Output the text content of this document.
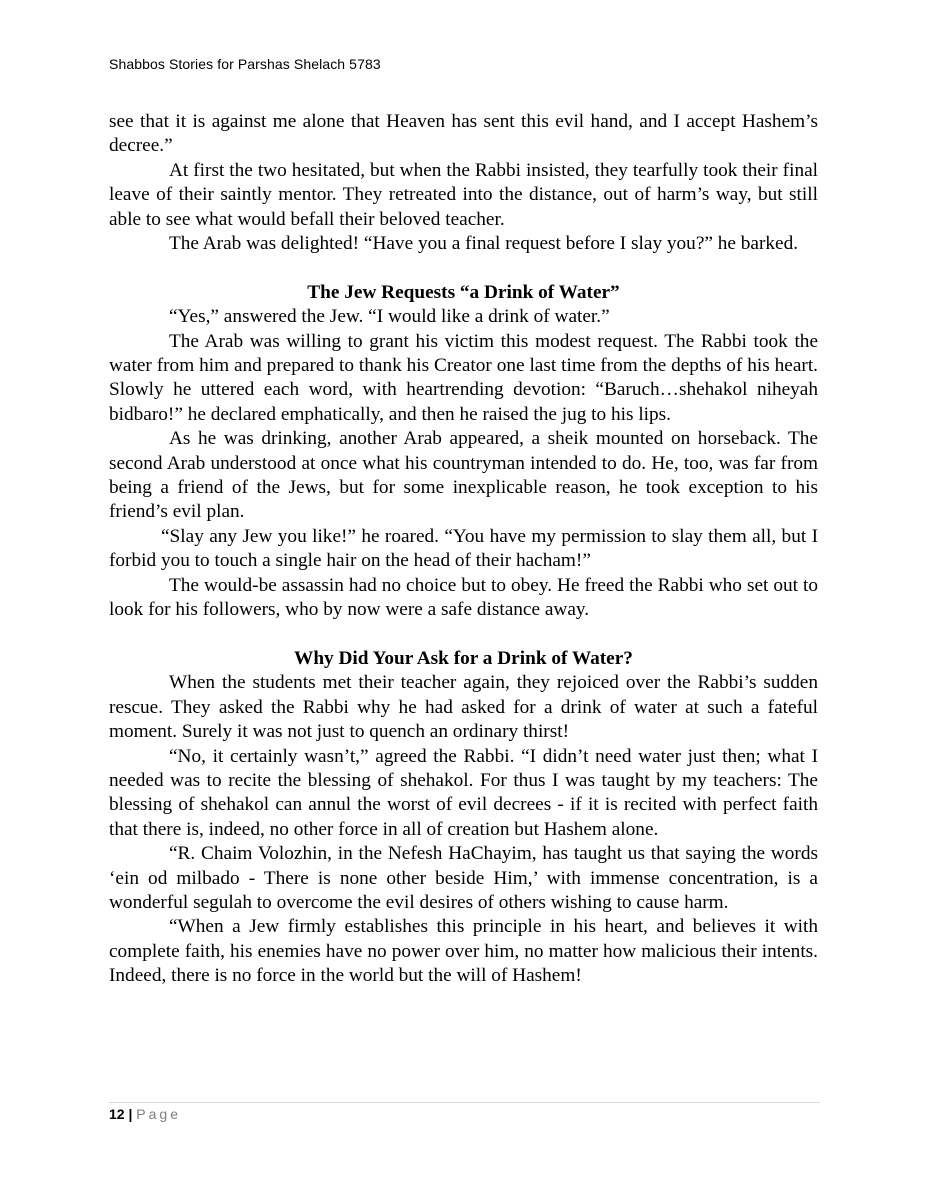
Shabbos Stories for Parshas Shelach 5783

see that it is against me alone that Heaven has sent this evil hand, and I accept Hashem’s decree.”

At first the two hesitated, but when the Rabbi insisted, they tearfully took their final leave of their saintly mentor. They retreated into the distance, out of harm’s way, but still able to see what would befall their beloved teacher.

The Arab was delighted! “Have you a final request before I slay you?” he barked.

The Jew Requests “a Drink of Water”

“Yes,” answered the Jew. “I would like a drink of water.”

The Arab was willing to grant his victim this modest request. The Rabbi took the water from him and prepared to thank his Creator one last time from the depths of his heart. Slowly he uttered each word, with heartrending devotion: “Baruch…shehakol niheyah bidbaro!” he declared emphatically, and then he raised the jug to his lips.

As he was drinking, another Arab appeared, a sheik mounted on horseback. The second Arab understood at once what his countryman intended to do. He, too, was far from being a friend of the Jews, but for some inexplicable reason, he took exception to his friend’s evil plan.

“Slay any Jew you like!” he roared. “You have my permission to slay them all, but I forbid you to touch a single hair on the head of their hacham!”

The would-be assassin had no choice but to obey. He freed the Rabbi who set out to look for his followers, who by now were a safe distance away.

Why Did Your Ask for a Drink of Water?

When the students met their teacher again, they rejoiced over the Rabbi’s sudden rescue. They asked the Rabbi why he had asked for a drink of water at such a fateful moment. Surely it was not just to quench an ordinary thirst!

“No, it certainly wasn’t,” agreed the Rabbi. “I didn’t need water just then; what I needed was to recite the blessing of shehakol. For thus I was taught by my teachers: The blessing of shehakol can annul the worst of evil decrees - if it is recited with perfect faith that there is, indeed, no other force in all of creation but Hashem alone.

“R. Chaim Volozhin, in the Nefesh HaChayim, has taught us that saying the words ‘ein od milbado - There is none other beside Him,’ with immense concentration, is a wonderful segulah to overcome the evil desires of others wishing to cause harm.

“When a Jew firmly establishes this principle in his heart, and believes it with complete faith, his enemies have no power over him, no matter how malicious their intents. Indeed, there is no force in the world but the will of Hashem!

12 | Page
